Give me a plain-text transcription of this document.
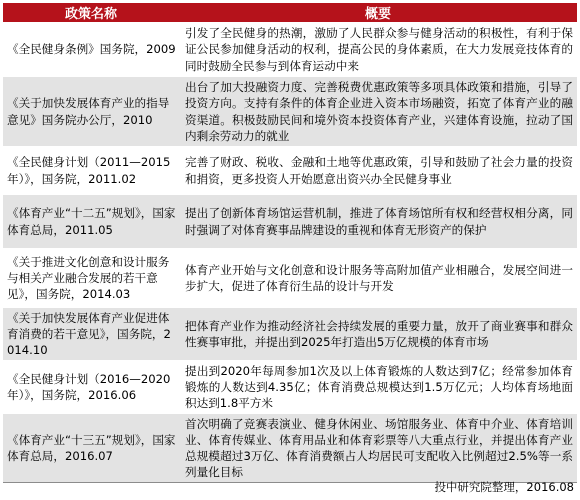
政策名称	概要
《全民健身条例》国务院，2009	引发了全民健身的热潮，激励了人民群众参与健身活动的积极性，有利于保证公民参加健身活动的权利，提高公民的身体素质，在大力发展竞技体育的同时鼓励全民参与到体育运动中来
《关于加快发展体育产业的指导意见》国务院办公厅，2010	出台了加大投融资力度、完善税费优惠政策等多项具体政策和措施，引导了投资方向。支持有条件的体育企业进入资本市场融资，拓宽了体育产业的融资渠道。积极鼓励民间和境外资本投资体育产业，兴建体育设施，拉动了国内剩余劳动力的就业
《全民健身计划（2011—2015年）》，国务院，2011.02	完善了财政、税收、金融和土地等优惠政策，引导和鼓励了社会力量的投资和捐资，更多投资人开始愿意出资兴办全民健身事业
《体育产业“十二五”规划》，国家体育总局，2011.05	提出了创新体育场馆运营机制，推进了体育场馆所有权和经营权相分离，同时强调了对体育赛事品牌建设的重视和体育无形资产的保护
《关于推进文化创意和设计服务与相关产业融合发展的若干意见》，国务院，2014.03	体育产业开始与文化创意和设计服务等高附加值产业相融合，发展空间进一步扩大，促进了体育衍生品的设计与开发
《关于加快发展体育产业促进体育消费的若干意见》，国务院，2014.10	把体育产业作为推动经济社会持续发展的重要力量，放开了商业赛事和群众性赛事审批，并提出到2025年打造出5万亿规模的体育市场
《全民健身计划（2016—2020年）》，国务院，2016.06	提出到2020年每周参加1次及以上体育锻炼的人数达到7亿；经常参加体育锻炼的人数达到4.35亿；体育消费总规模达到1.5万亿元；人均体育场地面积达到1.8平方米
《体育产业“十三五”规划》，国家体育总局，2016.07	首次明确了竞赛表演业、健身休闲业、场馆服务业、体育中介业、体育培训业、体育传媒业、体育用品业和体育彩票等八大重点行业，并提出体育产业总规模超过3万亿、体育消费额占人均居民可支配收入比例超过2.5%等一系列量化目标
投中研究院整理，2016.08
